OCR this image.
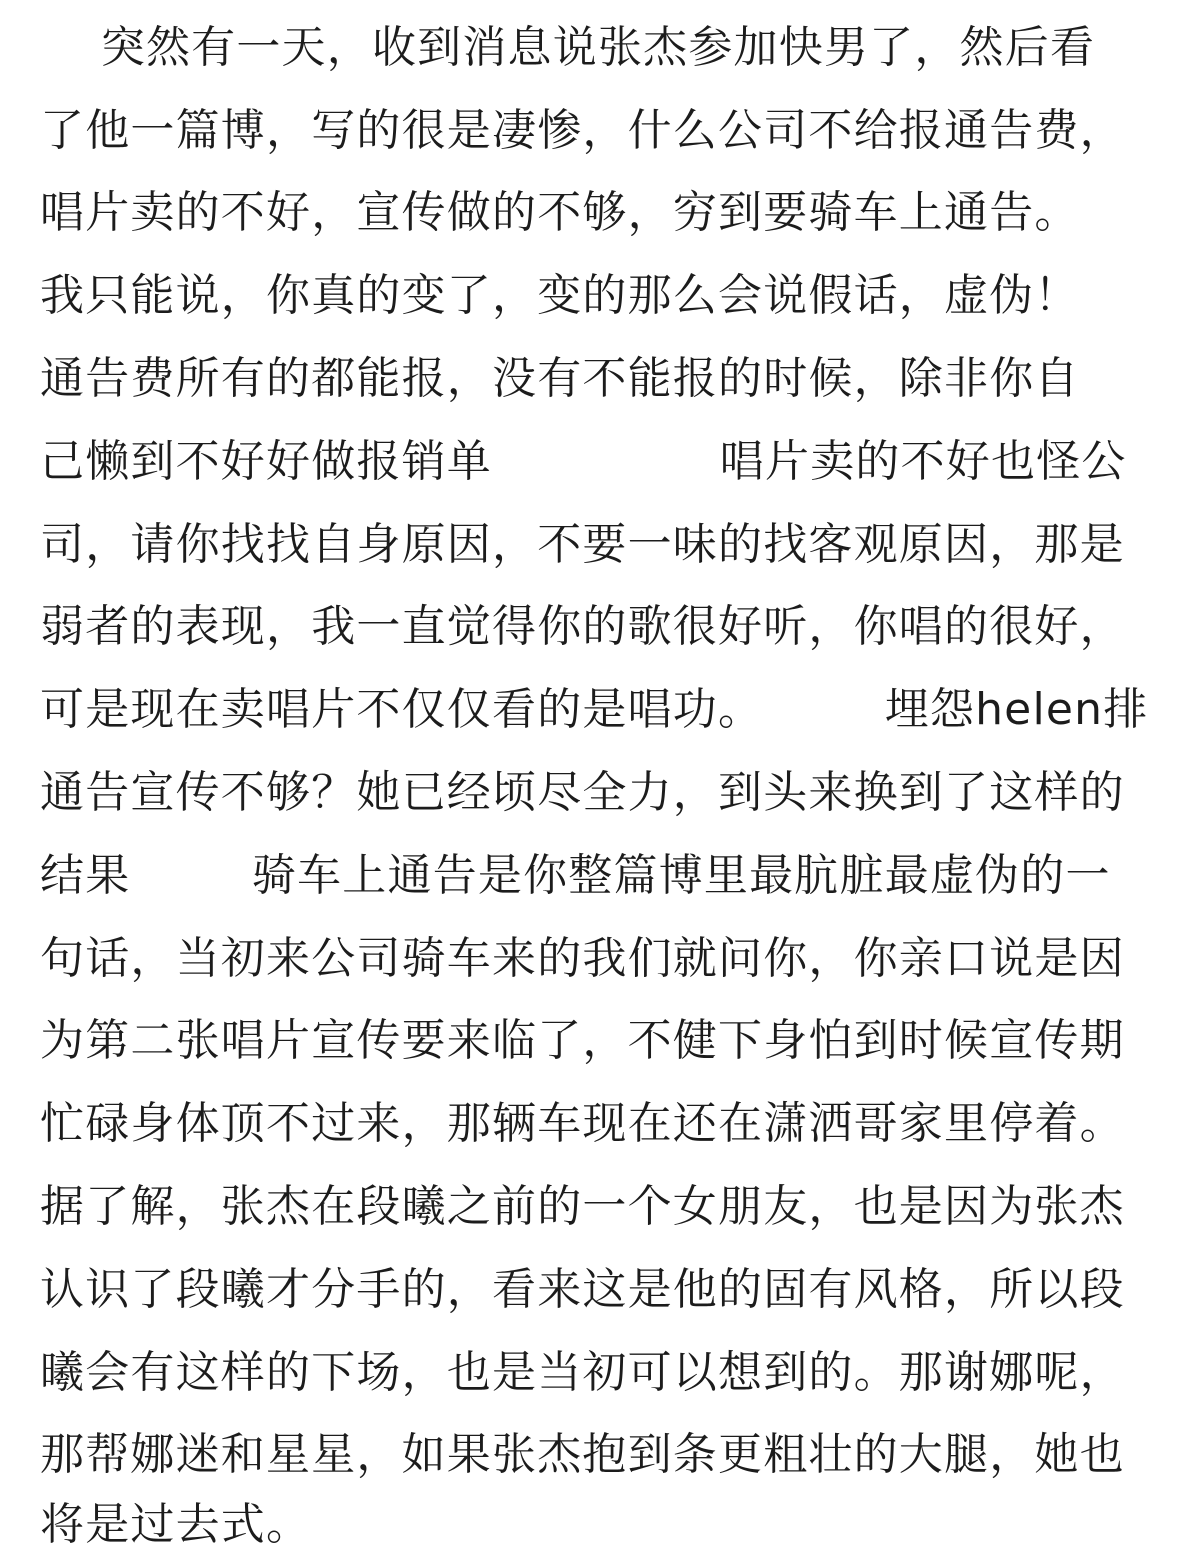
突然有一天，收到消息说张杰参加快男了，然后看
了他一篇博，写的很是凄惨，什么公司不给报通告费，
唱片卖的不好，宣传做的不够，穷到要骑车上通告。
我只能说，你真的变了，变的那么会说假话，虚伪！
通告费所有的都能报，没有不能报的时候，除非你自
己懒到不好好做报销单               唱片卖的不好也怪公
司，请你找找自身原因，不要一味的找客观原因，那是
弱者的表现，我一直觉得你的歌很好听，你唱的很好，
可是现在卖唱片不仅仅看的是唱功。        埋怨helen排
通告宣传不够？她已经顷尽全力，到头来换到了这样的
结果        骑车上通告是你整篇博里最肮脏最虚伪的一
句话，当初来公司骑车来的我们就问你，你亲口说是因
为第二张唱片宣传要来临了，不健下身怕到时候宣传期
忙碌身体顶不过来，那辆车现在还在潇洒哥家里停着。
据了解，张杰在段曦之前的一个女朋友，也是因为张杰
认识了段曦才分手的，看来这是他的固有风格，所以段
曦会有这样的下场，也是当初可以想到的。那谢娜呢，
那帮娜迷和星星，如果张杰抱到条更粗壮的大腿，她也
将是过去式。
